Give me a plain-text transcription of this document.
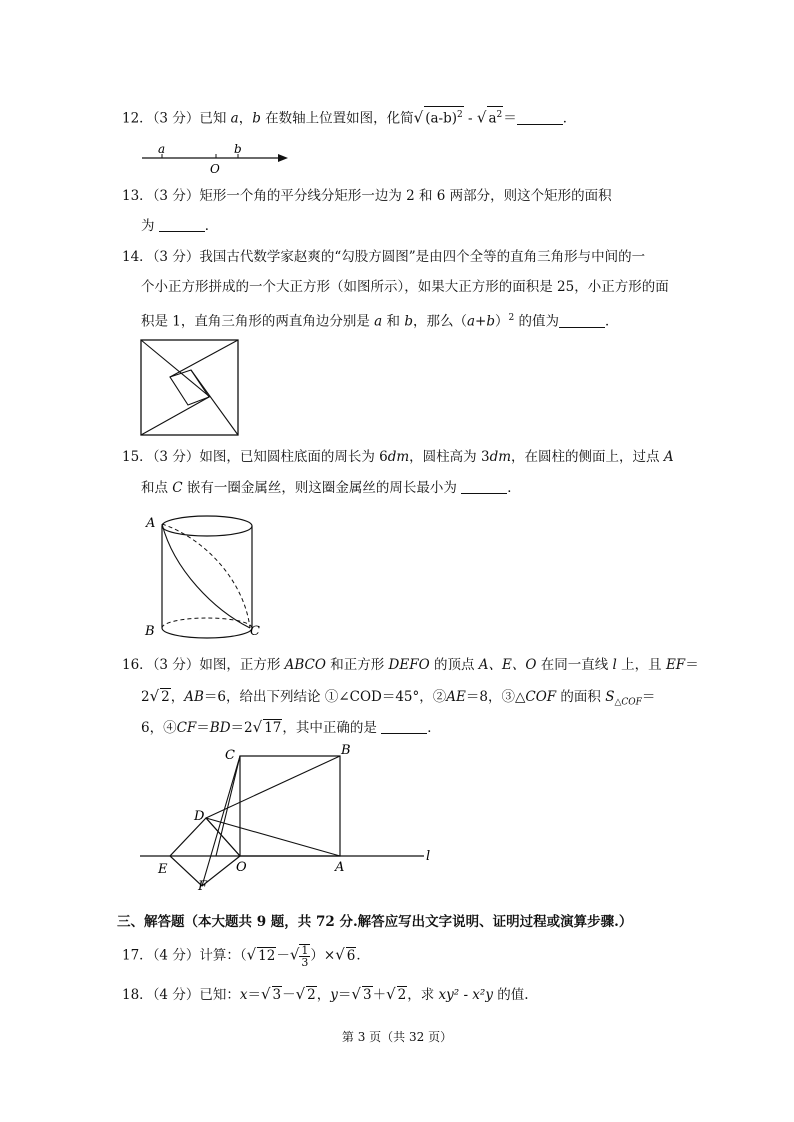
12．（3 分）已知 a，b 在数轴上位置如图，化简√ $(a-b)^2$ - √ $a^2=$	．
a	b
O
13．（3 分）矩形一个角的平分线分矩形一边为 2 和 6 两部分，则这个矩形的面积
为	．
14．（3 分）我国古代数学家赵爽的“勾股方圆图”是由四个全等的直角三角形与中间的一
个小正方形拼成的一个大正方形（如图所示），如果大正方形的面积是 25，小正方形的面
积是 1，直角三角形的两直角边分别是 a 和 b，那么$(a+b)^2$ 的值为	．
15．（3 分）如图，已知圆柱底面的周长为 6dm，圆柱高为 3dm，在圆柱的侧面上，过点 A
和点 C 嵌有一圈金属丝，则这圈金属丝的周长最小为	．
A
B	C
16．（3 分）如图，正方形 ABCO 和正方形 DEFO 的顶点 A、E、O 在同一直线 l 上，且 EF＝
2√ 2，AB＝6，给出下列结论 ①∠COD＝45°，②AE＝8，③△COF 的面积 $S_{\triangle COF}=$
6，④CF＝BD＝2√ 17，其中正确的是	．
C	B
D
E	O	A
F
l
三、解答题（本大题共 9 题，共 72 分.解答应写出文字说明、证明过程或演算步骤.）
17．（4 分）计算：（√ $12-√ \frac{1}{3}$ ）×√ 6．
18．（4 分）已知：x＝√ 3－√ 2，y＝√ 3＋√ 2，求 xy² - x²y 的值.
第 3 页（共 32 页）
